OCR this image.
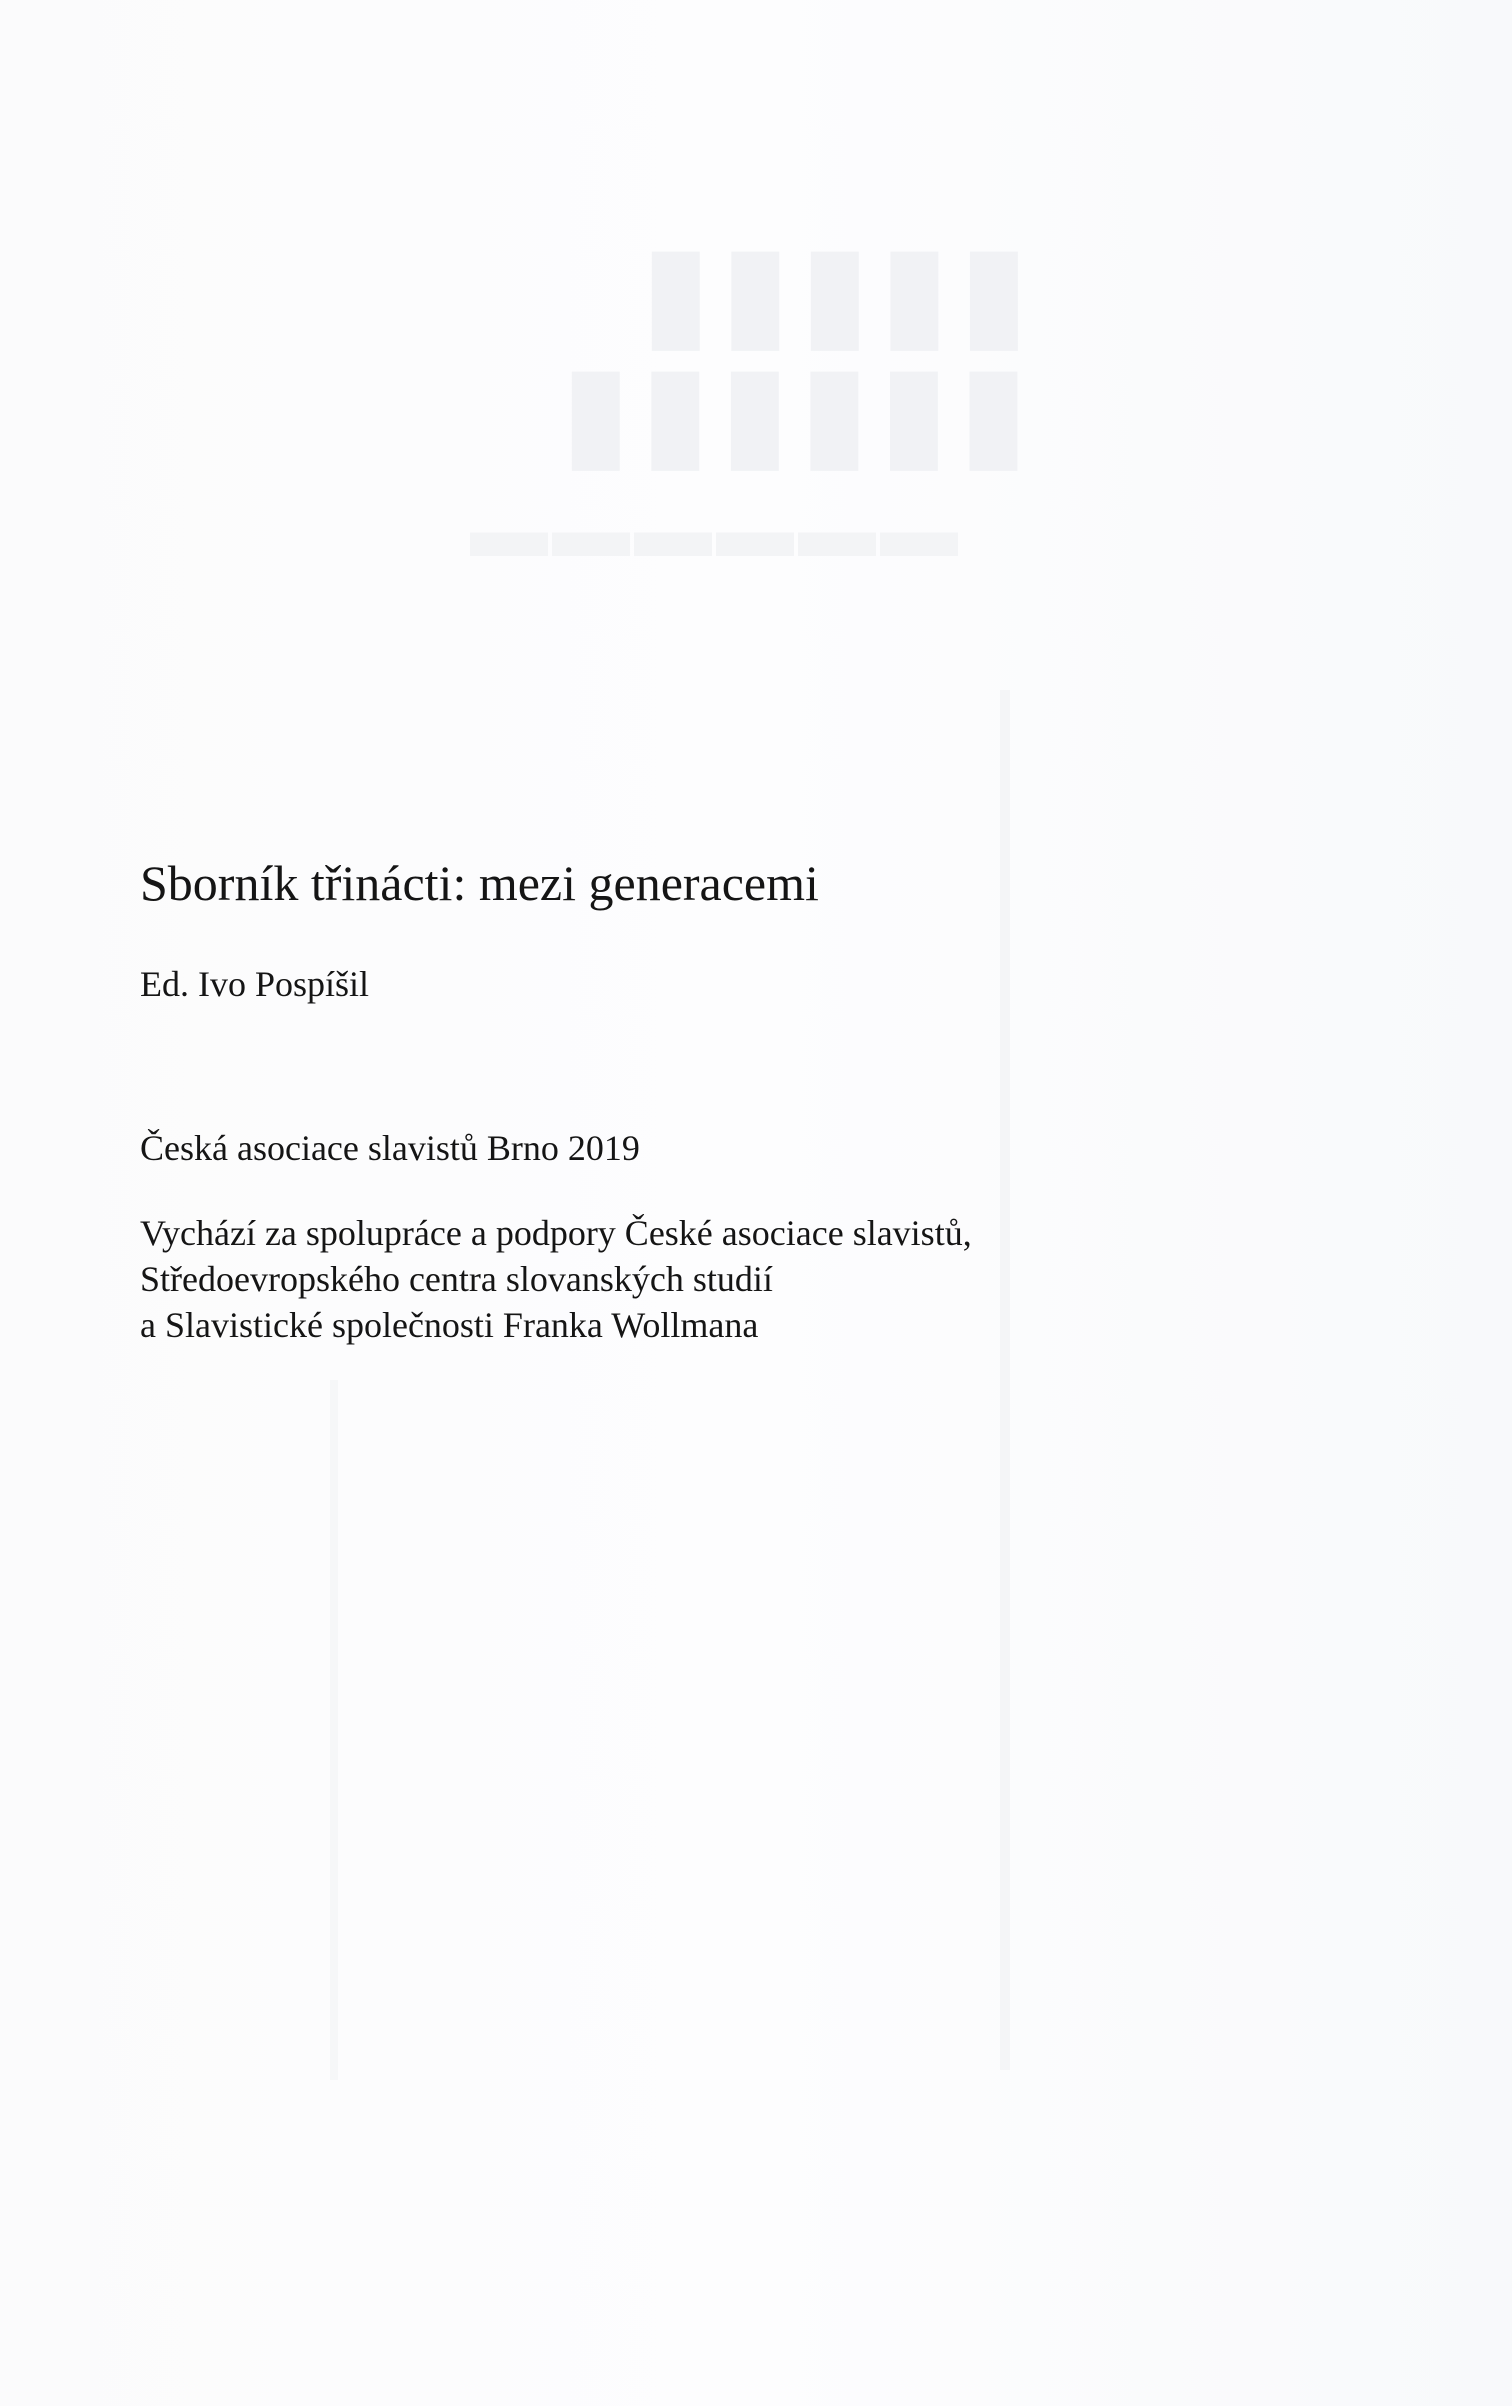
▮▮▮▮▮
▮▮▮▮▮▮
▬▬▬▬▬▬
Sborník třinácti: mezi generacemi

Ed. Ivo Pospíšil

Česká asociace slavistů Brno 2019

Vychází za spolupráce a podpory České asociace slavistů,
Středoevropského centra slovanských studií
a Slavistické společnosti Franka Wollmana
